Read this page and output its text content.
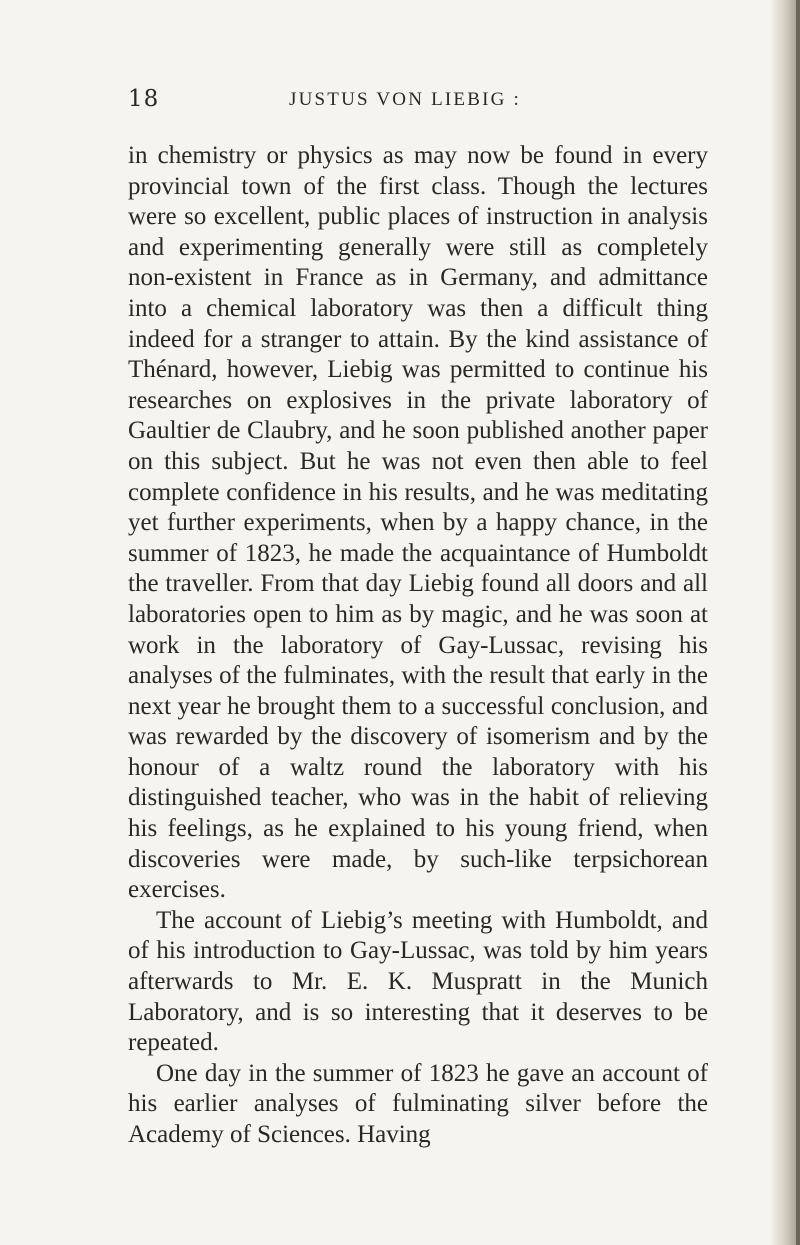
18	JUSTUS VON LIEBIG :

in chemistry or physics as may now be found in every provincial town of the first class. Though the lectures were so excellent, public places of instruction in analysis and experimenting generally were still as completely non-existent in France as in Germany, and admittance into a chemical laboratory was then a difficult thing indeed for a stranger to attain. By the kind assistance of Thénard, however, Liebig was permitted to continue his researches on explosives in the private laboratory of Gaultier de Claubry, and he soon published another paper on this subject. But he was not even then able to feel complete confidence in his results, and he was meditating yet further experiments, when by a happy chance, in the summer of 1823, he made the acquaintance of Humboldt the traveller. From that day Liebig found all doors and all laboratories open to him as by magic, and he was soon at work in the laboratory of Gay-Lussac, revising his analyses of the fulminates, with the result that early in the next year he brought them to a successful conclusion, and was rewarded by the discovery of isomerism and by the honour of a waltz round the laboratory with his distinguished teacher, who was in the habit of relieving his feelings, as he explained to his young friend, when discoveries were made, by such-like terpsichorean exercises.

The account of Liebig’s meeting with Humboldt, and of his introduction to Gay-Lussac, was told by him years afterwards to Mr. E. K. Muspratt in the Munich Laboratory, and is so interesting that it deserves to be repeated.

One day in the summer of 1823 he gave an account of his earlier analyses of fulminating silver before the Academy of Sciences. Having
